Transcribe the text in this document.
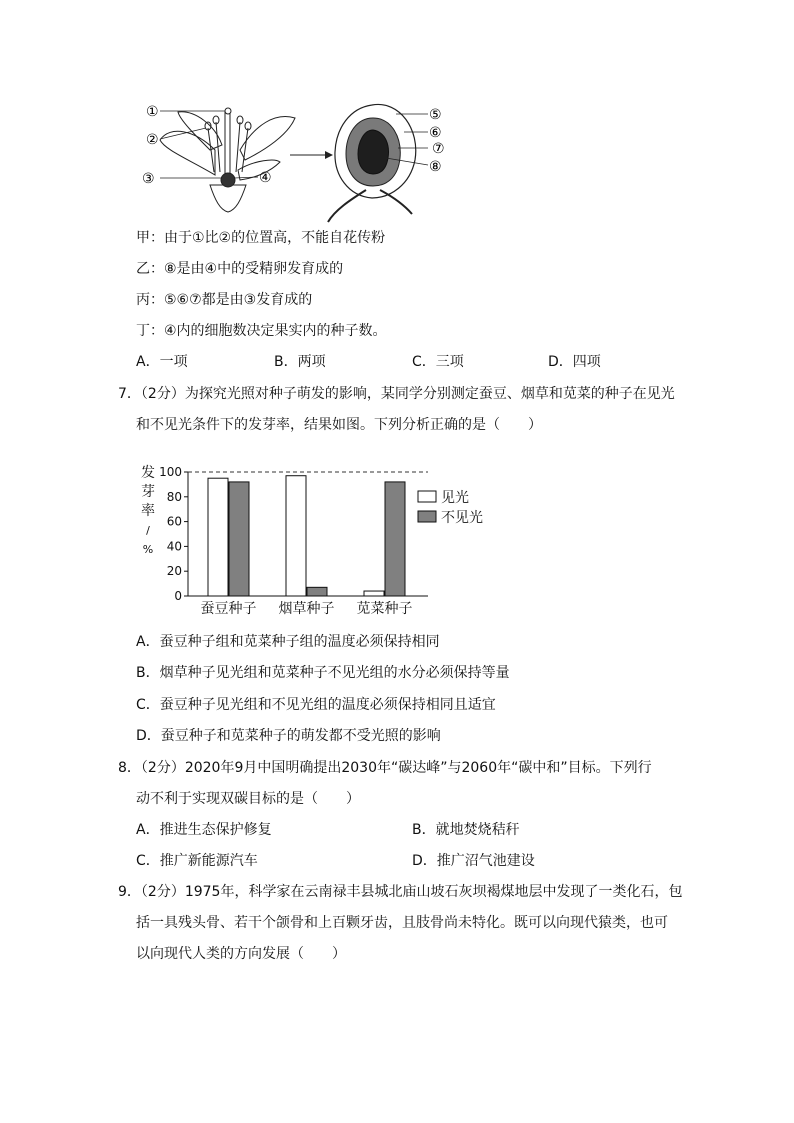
①
②
③	④
⑤
⑥
⑦
⑧
甲：由于①比②的位置高，不能自花传粉
乙：⑧是由④中的受精卵发育成的
丙：⑤⑥⑦都是由③发育成的
丁：④内的细胞数决定果实内的种子数。
A．一项	B．两项	C．三项	D．四项
7．（2分）为探究光照对种子萌发的影响，某同学分别测定蚕豆、烟草和苋菜的种子在见光
和不见光条件下的发芽率，结果如图。下列分析正确的是（　　）
100
80
60
40
20
0
发
芽
率
/
%
蚕豆种子 烟草种子 苋菜种子
见光
不见光
A．蚕豆种子组和苋菜种子组的温度必须保持相同
B．烟草种子见光组和苋菜种子不见光组的水分必须保持等量
C．蚕豆种子见光组和不见光组的温度必须保持相同且适宜
D．蚕豆种子和苋菜种子的萌发都不受光照的影响
8．（2分）2020年9月中国明确提出2030年“碳达峰”与2060年“碳中和”目标。下列行
动不利于实现双碳目标的是（　　）
A．推进生态保护修复	B．就地焚烧秸秆
C．推广新能源汽车	D．推广沼气池建设
9．（2分）1975年，科学家在云南禄丰县城北庙山坡石灰坝褐煤地层中发现了一类化石，包
括一具残头骨、若干个颌骨和上百颗牙齿，且肢骨尚未特化。既可以向现代猿类，也可
以向现代人类的方向发展（　　）
